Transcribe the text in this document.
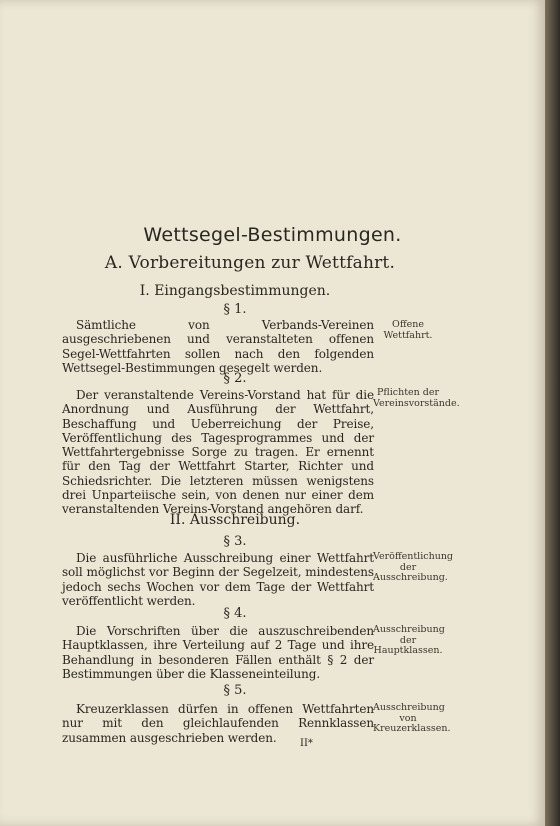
Wettsegel-Bestimmungen.
A. Vorbereitungen zur Wettfahrt.
I. Eingangsbestimmungen.
§ 1.
Sämtliche von Verbands-Vereinen ausgeschriebenen und veranstalteten offenen Segel-Wettfahrten sollen nach den folgenden Wettsegel-Bestimmungen gesegelt werden.
Offene Wettfahrt.
§ 2.
Der veranstaltende Vereins-Vorstand hat für die Anordnung und Ausführung der Wettfahrt, Beschaffung und Ueberreichung der Preise, Veröffentlichung des Tagesprogrammes und der Wettfahrtergebnisse Sorge zu tragen. Er ernennt für den Tag der Wettfahrt Starter, Richter und Schiedsrichter. Die letzteren müssen wenigstens drei Unparteiische sein, von denen nur einer dem veranstaltenden Vereins-Vorstand angehören darf.
Pflichten der Vereinsvorstände.
II. Ausschreibung.
§ 3.
Die ausführliche Ausschreibung einer Wettfahrt soll möglichst vor Beginn der Segelzeit, mindestens jedoch sechs Wochen vor dem Tage der Wettfahrt veröffentlicht werden.
Veröffentlichung der Ausschreibung.
§ 4.
Die Vorschriften über die auszuschreibenden Hauptklassen, ihre Verteilung auf 2 Tage und ihre Behandlung in besonderen Fällen enthält § 2 der Bestimmungen über die Klasseneinteilung.
Ausschreibung der Hauptklassen.
§ 5.
Kreuzerklassen dürfen in offenen Wettfahrten nur mit den gleichlaufenden Rennklassen zusammen ausgeschrieben werden.
Ausschreibung von Kreuzerklassen.
II*
